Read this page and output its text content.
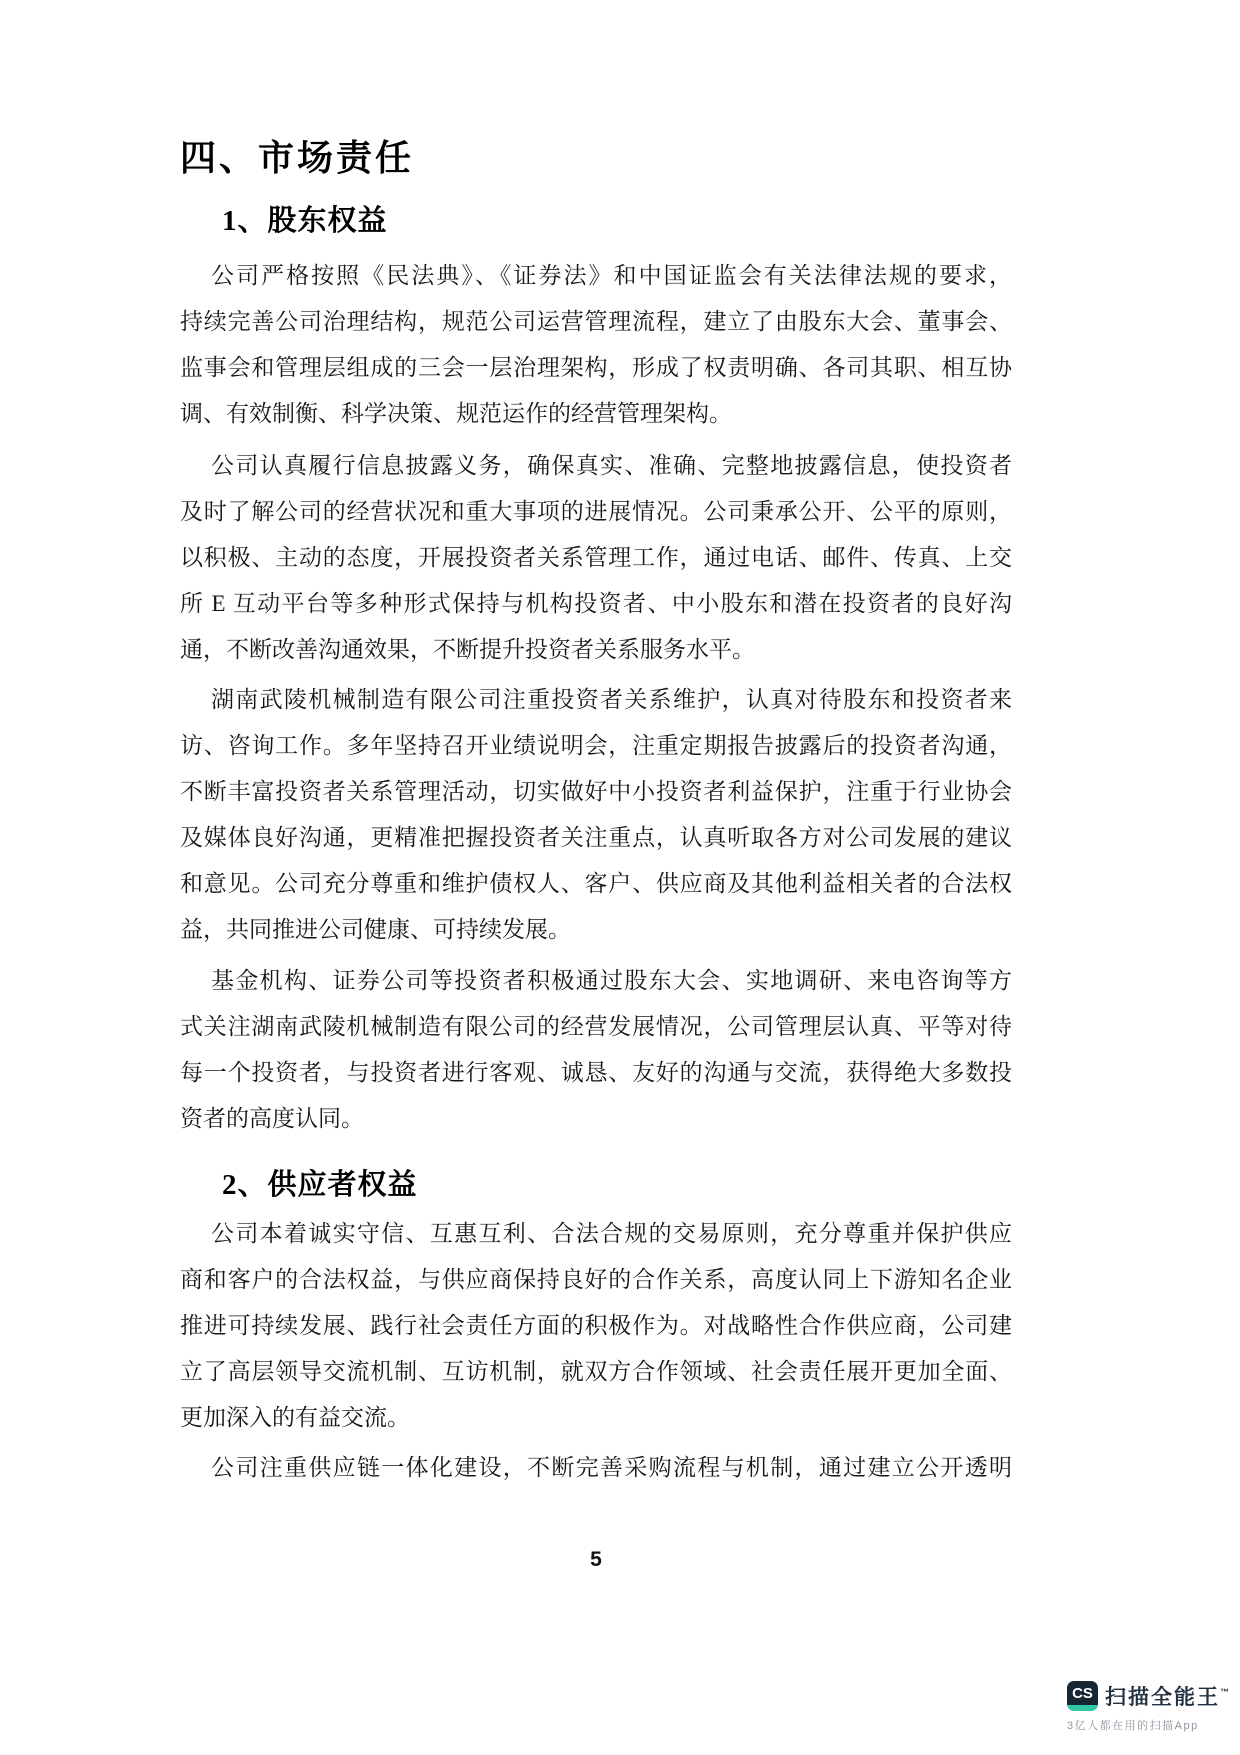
四、市场责任
1、股东权益
公司严格按照《民法典》、《证券法》和中国证监会有关法律法规的要求，
持续完善公司治理结构，规范公司运营管理流程，建立了由股东大会、董事会、
监事会和管理层组成的三会一层治理架构，形成了权责明确、各司其职、相互协
调、有效制衡、科学决策、规范运作的经营管理架构。
公司认真履行信息披露义务，确保真实、准确、完整地披露信息，使投资者
及时了解公司的经营状况和重大事项的进展情况。公司秉承公开、公平的原则，
以积极、主动的态度，开展投资者关系管理工作，通过电话、邮件、传真、上交
所 E 互动平台等多种形式保持与机构投资者、中小股东和潜在投资者的良好沟
通，不断改善沟通效果，不断提升投资者关系服务水平。
湖南武陵机械制造有限公司注重投资者关系维护，认真对待股东和投资者来
访、咨询工作。多年坚持召开业绩说明会，注重定期报告披露后的投资者沟通，
不断丰富投资者关系管理活动，切实做好中小投资者利益保护，注重于行业协会
及媒体良好沟通，更精准把握投资者关注重点，认真听取各方对公司发展的建议
和意见。公司充分尊重和维护债权人、客户、供应商及其他利益相关者的合法权
益，共同推进公司健康、可持续发展。
基金机构、证券公司等投资者积极通过股东大会、实地调研、来电咨询等方
式关注湖南武陵机械制造有限公司的经营发展情况，公司管理层认真、平等对待
每一个投资者，与投资者进行客观、诚恳、友好的沟通与交流，获得绝大多数投
资者的高度认同。
2、供应者权益
公司本着诚实守信、互惠互利、合法合规的交易原则，充分尊重并保护供应
商和客户的合法权益，与供应商保持良好的合作关系，高度认同上下游知名企业
推进可持续发展、践行社会责任方面的积极作为。对战略性合作供应商，公司建
立了高层领导交流机制、互访机制，就双方合作领域、社会责任展开更加全面、
更加深入的有益交流。
公司注重供应链一体化建设，不断完善采购流程与机制，通过建立公开透明
5
CS 扫描全能王™
3亿人都在用的扫描App
